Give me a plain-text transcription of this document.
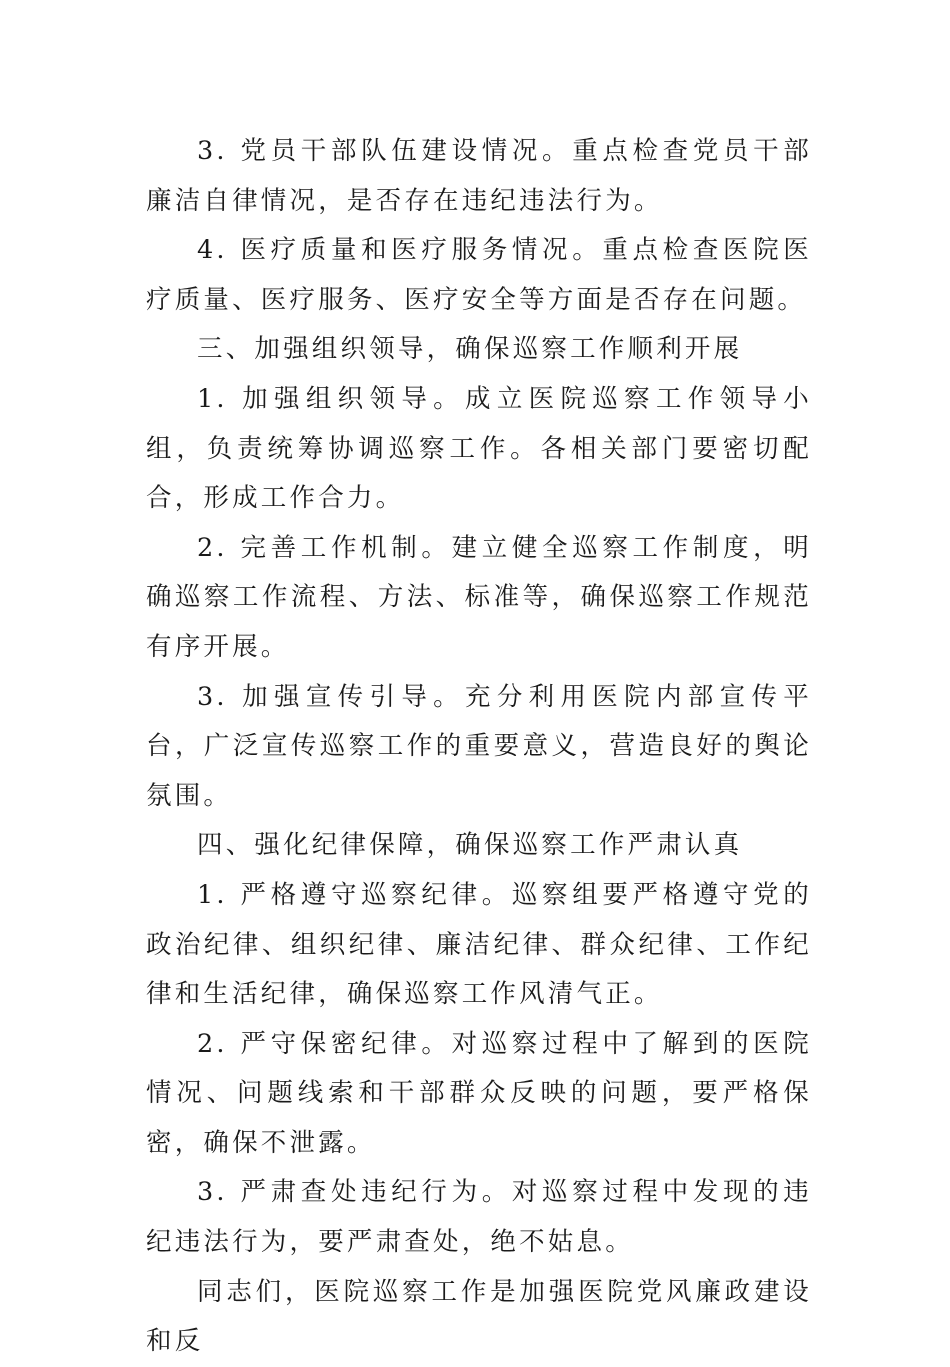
3. 党员干部队伍建设情况。重点检查党员干部廉洁自律情况，是否存在违纪违法行为。

4. 医疗质量和医疗服务情况。重点检查医院医疗质量、医疗服务、医疗安全等方面是否存在问题。

三、加强组织领导，确保巡察工作顺利开展

1. 加强组织领导。成立医院巡察工作领导小组，负责统筹协调巡察工作。各相关部门要密切配合，形成工作合力。

2. 完善工作机制。建立健全巡察工作制度，明确巡察工作流程、方法、标准等，确保巡察工作规范有序开展。

3. 加强宣传引导。充分利用医院内部宣传平台，广泛宣传巡察工作的重要意义，营造良好的舆论氛围。

四、强化纪律保障，确保巡察工作严肃认真

1. 严格遵守巡察纪律。巡察组要严格遵守党的政治纪律、组织纪律、廉洁纪律、群众纪律、工作纪律和生活纪律，确保巡察工作风清气正。

2. 严守保密纪律。对巡察过程中了解到的医院情况、问题线索和干部群众反映的问题，要严格保密，确保不泄露。

3. 严肃查处违纪行为。对巡察过程中发现的违纪违法行为，要严肃查处，绝不姑息。

同志们，医院巡察工作是加强医院党风廉政建设和反
